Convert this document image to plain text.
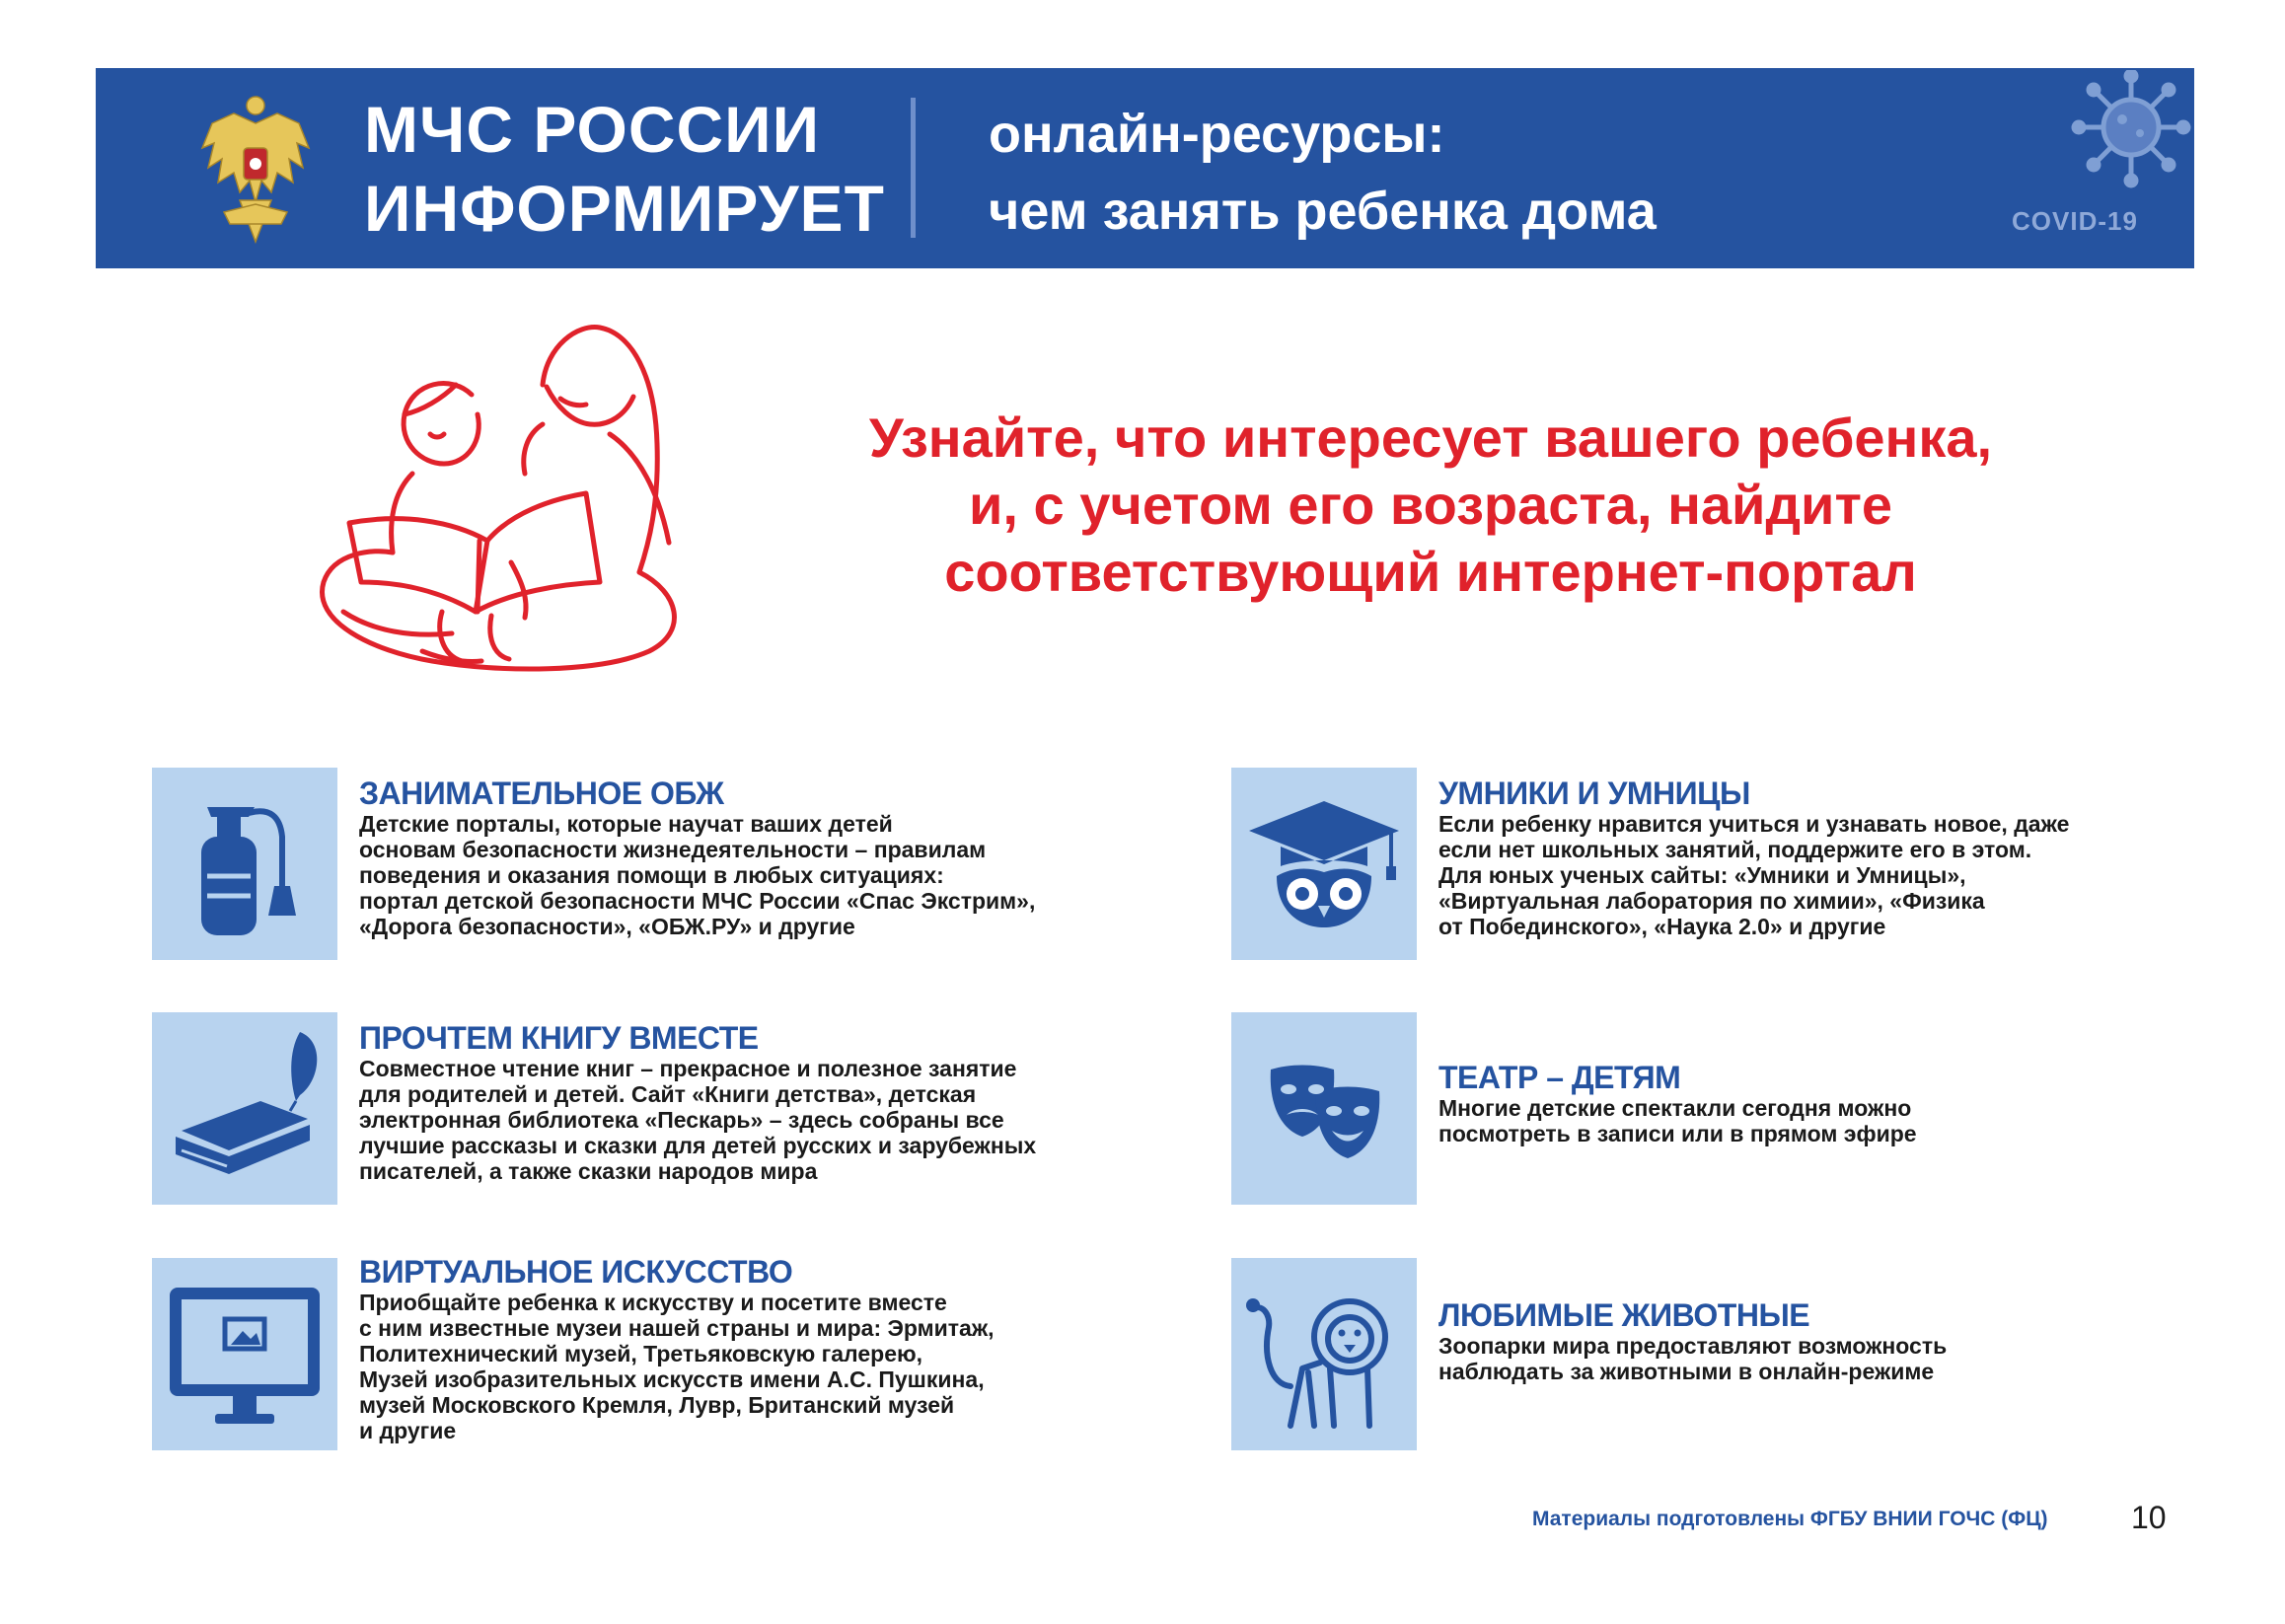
МЧС РОССИИ
ИНФОРМИРУЕТ

онлайн-ресурсы:
чем занять ребенка дома	COVID-19
Узнайте, что интересует вашего ребенка,
и, с учетом его возраста, найдите
соответствующий интернет-портал
ЗАНИМАТЕЛЬНОЕ ОБЖ

Детские порталы, которые научат ваших детей
основам безопасности жизнедеятельности – правилам
поведения и оказания помощи в любых ситуациях:
портал детской безопасности МЧС России «Спас Экстрим»,
«Дорога безопасности», «ОБЖ.РУ» и другие

УМНИКИ И УМНИЦЫ

Если ребенку нравится учиться и узнавать новое, даже
если нет школьных занятий, поддержите его в этом.
Для юных ученых сайты: «Умники и Умницы»,
«Виртуальная лаборатория по химии», «Физика
от Побединского», «Наука 2.0» и другие

ПРОЧТЕМ КНИГУ ВМЕСТЕ

Совместное чтение книг – прекрасное и полезное занятие
для родителей и детей. Сайт «Книги детства», детская
электронная библиотека «Пескарь» – здесь собраны все
лучшие рассказы и сказки для детей русских и зарубежных
писателей, а также сказки народов мира

ТЕАТР – ДЕТЯМ

Многие детские спектакли сегодня можно
посмотреть в записи или в прямом эфире

ВИРТУАЛЬНОЕ ИСКУССТВО

Приобщайте ребенка к искусству и посетите вместе
с ним известные музеи нашей страны и мира: Эрмитаж,
Политехнический музей, Третьяковскую галерею,
Музей изобразительных искусств имени А.С. Пушкина,
музей Московского Кремля, Лувр, Британский музей
и другие

ЛЮБИМЫЕ ЖИВОТНЫЕ

Зоопарки мира предоставляют возможность
наблюдать за животными в онлайн-режиме

Материалы подготовлены ФГБУ ВНИИ ГОЧС (ФЦ)	10
